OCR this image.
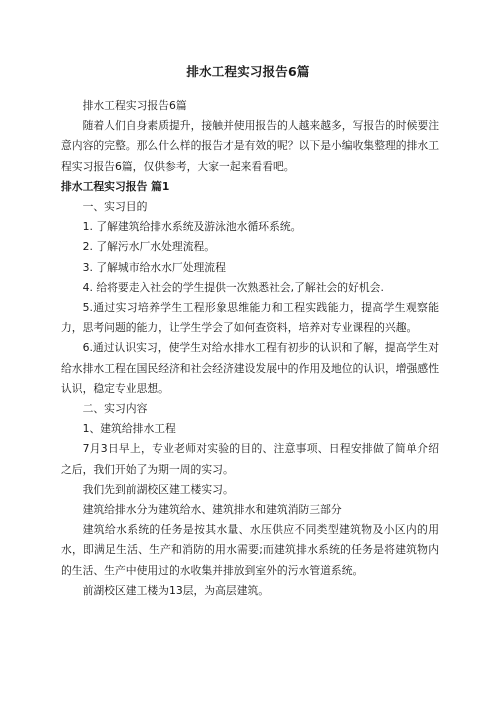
排水工程实习报告6篇

排水工程实习报告6篇

随着人们自身素质提升，接触并使用报告的人越来越多，写报告的时候要注意内容的完整。那么什么样的报告才是有效的呢？以下是小编收集整理的排水工程实习报告6篇，仅供参考，大家一起来看看吧。

排水工程实习报告 篇1

一、实习目的

1. 了解建筑给排水系统及游泳池水循环系统。

2. 了解污水厂水处理流程。

3. 了解城市给水水厂处理流程

4. 给将要走入社会的学生提供一次熟悉社会,了解社会的好机会.

5.通过实习培养学生工程形象思维能力和工程实践能力，提高学生观察能力，思考问题的能力，让学生学会了如何查资料，培养对专业课程的兴趣。

6.通过认识实习，使学生对给水排水工程有初步的认识和了解，提高学生对给水排水工程在国民经济和社会经济建设发展中的作用及地位的认识，增强感性认识，稳定专业思想。

二、实习内容

1、建筑给排水工程

7月3日早上，专业老师对实验的目的、注意事项、日程安排做了简单介绍之后，我们开始了为期一周的实习。

我们先到前湖校区建工楼实习。

建筑给排水分为建筑给水、建筑排水和建筑消防三部分

建筑给水系统的任务是按其水量、水压供应不同类型建筑物及小区内的用水，即满足生活、生产和消防的用水需要;而建筑排水系统的任务是将建筑物内的生活、生产中使用过的水收集并排放到室外的污水管道系统。

前湖校区建工楼为13层，为高层建筑。
